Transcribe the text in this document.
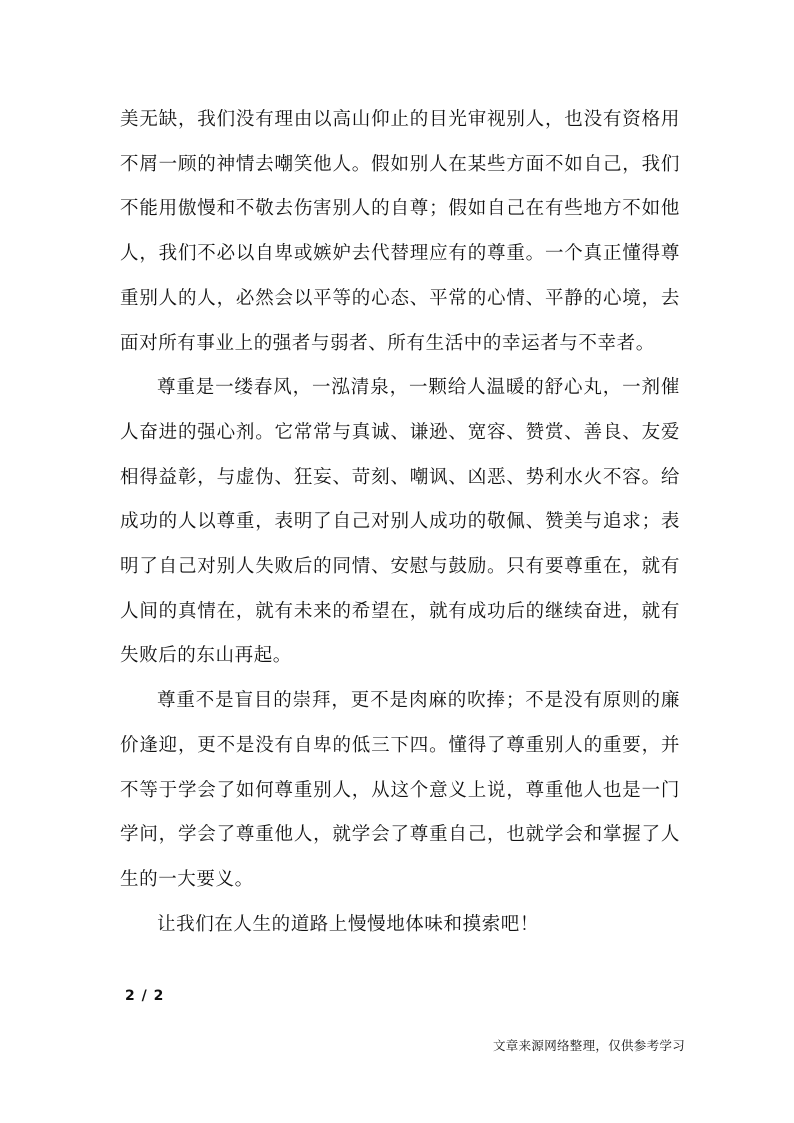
美无缺，我们没有理由以高山仰止的目光审视别人，也没有资格用不屑一顾的神情去嘲笑他人。假如别人在某些方面不如自己，我们不能用傲慢和不敬去伤害别人的自尊；假如自己在有些地方不如他人，我们不必以自卑或嫉妒去代替理应有的尊重。一个真正懂得尊重别人的人，必然会以平等的心态、平常的心情、平静的心境，去面对所有事业上的强者与弱者、所有生活中的幸运者与不幸者。

尊重是一缕春风，一泓清泉，一颗给人温暖的舒心丸，一剂催人奋进的强心剂。它常常与真诚、谦逊、宽容、赞赏、善良、友爱相得益彰，与虚伪、狂妄、苛刻、嘲讽、凶恶、势利水火不容。给成功的人以尊重，表明了自己对别人成功的敬佩、赞美与追求；表明了自己对别人失败后的同情、安慰与鼓励。只有要尊重在，就有人间的真情在，就有未来的希望在，就有成功后的继续奋进，就有失败后的东山再起。

尊重不是盲目的崇拜，更不是肉麻的吹捧；不是没有原则的廉价逢迎，更不是没有自卑的低三下四。懂得了尊重别人的重要，并不等于学会了如何尊重别人，从这个意义上说，尊重他人也是一门学问，学会了尊重他人，就学会了尊重自己，也就学会和掌握了人生的一大要义。

让我们在人生的道路上慢慢地体味和摸索吧！

2 / 2
文章来源网络整理，仅供参考学习
